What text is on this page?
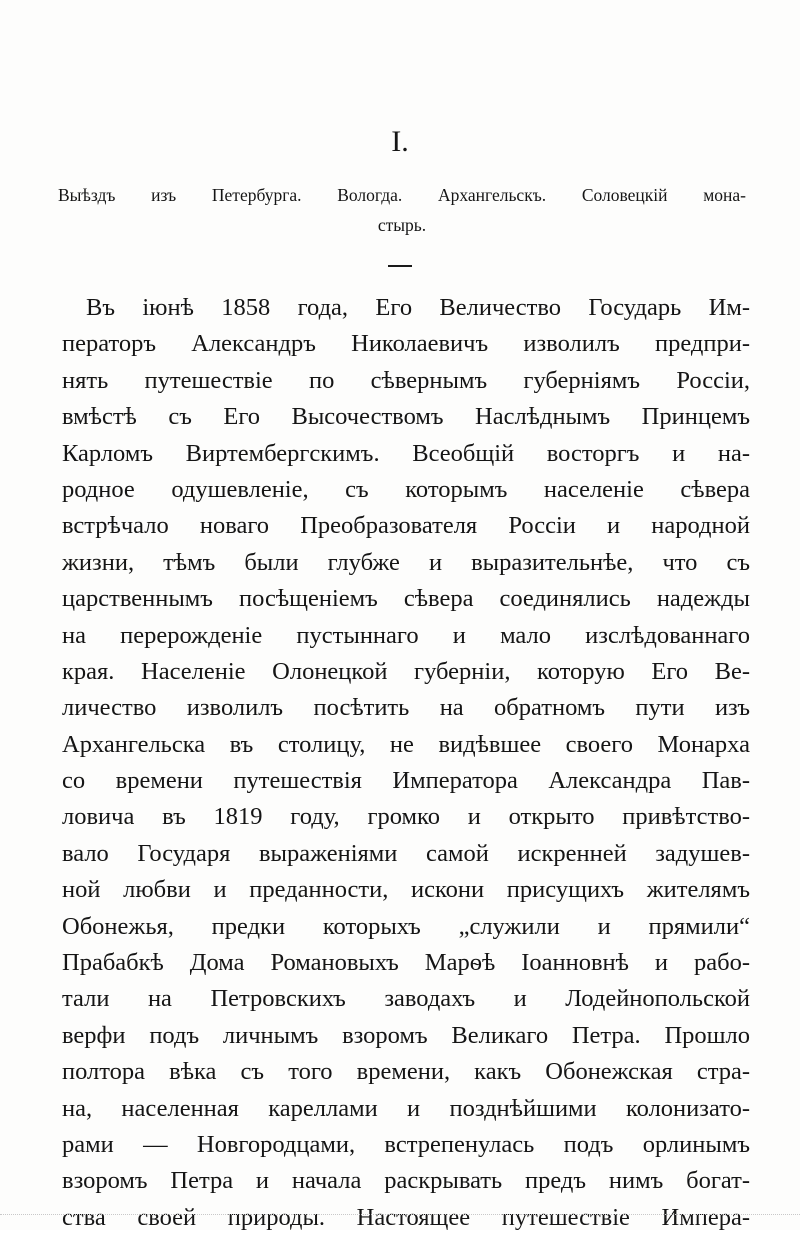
I.
Выѣздъ изъ Петербурга. Вологда. Архангельскъ. Соловецкій мона-
стырь.
Въ іюнѣ 1858 года, Его Величество Государь Им-
ператоръ Александръ Николаевичъ изволилъ предпри-
нять путешествіе по сѣвернымъ губерніямъ Россіи,
вмѣстѣ съ Его Высочествомъ Наслѣднымъ Принцемъ
Карломъ Виртембергскимъ. Всеобщій восторгъ и на-
родное одушевленіе, съ которымъ населеніе сѣвера
встрѣчало новаго Преобразователя Россіи и народной
жизни, тѣмъ были глубже и выразительнѣе, что съ
царственнымъ посѣщеніемъ сѣвера соединялись надежды
на перерожденіе пустыннаго и мало изслѣдованнаго
края. Населеніе Олонецкой губерніи, которую Его Ве-
личество изволилъ посѣтить на обратномъ пути изъ
Архангельска въ столицу, не видѣвшее своего Монарха
со времени путешествія Императора Александра Пав-
ловича въ 1819 году, громко и открыто привѣтство-
вало Государя выраженіями самой искренней задушев-
ной любви и преданности, искони присущихъ жителямъ
Обонежья, предки которыхъ „служили и прямили“
Прабабкѣ Дома Романовыхъ Марѳѣ Іоанновнѣ и рабо-
тали на Петровскихъ заводахъ и Лодейнопольской
верфи подъ личнымъ взоромъ Великаго Петра. Прошло
полтора вѣка съ того времени, какъ Обонежская стра-
на, населенная кареллами и позднѣйшими колонизато-
рами — Новгородцами, встрепенулась подъ орлинымъ
взоромъ Петра и начала раскрывать предъ нимъ богат-
ства своей природы. Настоящее путешествіе Импера-
